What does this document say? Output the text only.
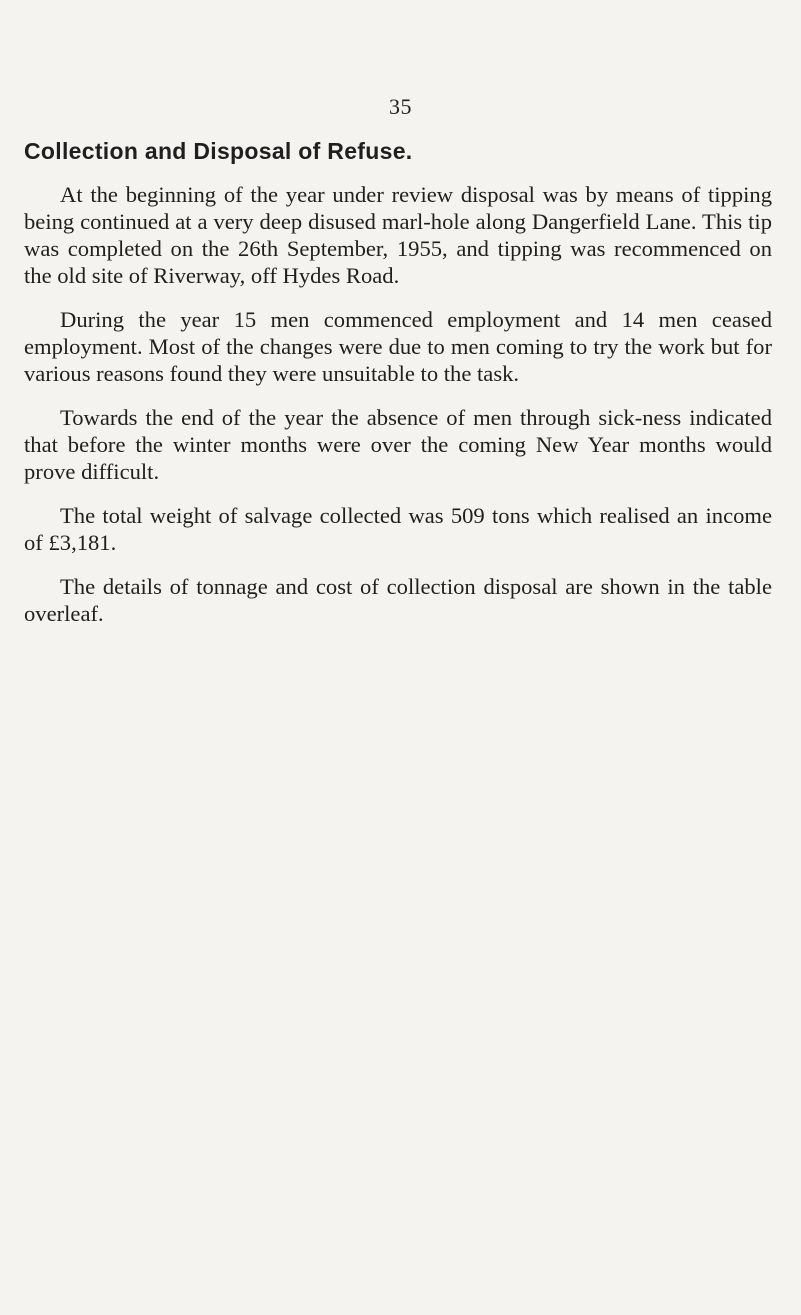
35
Collection and Disposal of Refuse.

At the beginning of the year under review disposal was by means of tipping being continued at a very deep disused marl-hole along Dangerfield Lane. This tip was completed on the 26th September, 1955, and tipping was recommenced on the old site of Riverway, off Hydes Road.

During the year 15 men commenced employment and 14 men ceased employment. Most of the changes were due to men coming to try the work but for various reasons found they were unsuitable to the task.

Towards the end of the year the absence of men through sick-ness indicated that before the winter months were over the coming New Year months would prove difficult.

The total weight of salvage collected was 509 tons which realised an income of £3,181.

The details of tonnage and cost of collection disposal are shown in the table overleaf.
